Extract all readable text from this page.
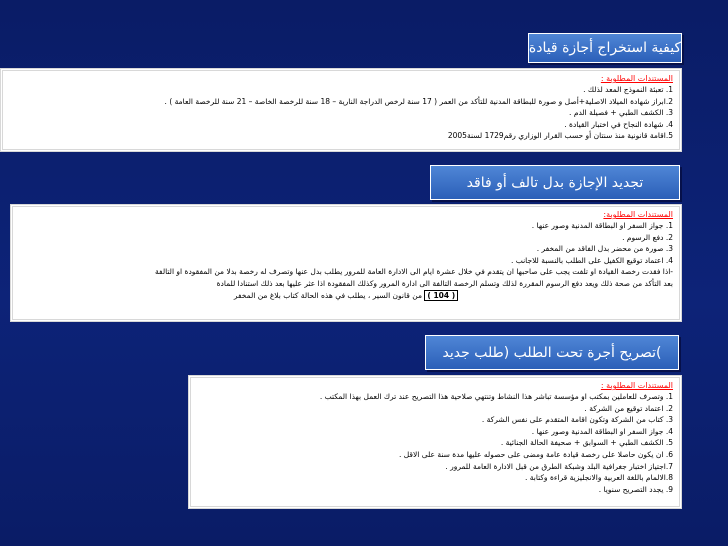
كيفية استخراج أجازة قيادة
المستندات المطلوبة :
1. تعبئة النموذج المعد لذلك .
2.ابراز شهادة الميلاد الاصلية+أصل و صورة للبطاقة المدنية للتأكد من العمر ( 17 سنة لرخص الدراجة النارية – 18 سنة للرخصة الخاصة – 21 سنة للرخصة العامة ) .
3. الكشف الطبي + فصيلة الدم .
4. شهادة النجاح في اختبار القيادة .
5.اقامة قانونية منذ سنتان أو حسب القرار الوزاري رقم1729 لسنة2005
تجديد الإجازة بدل تالف أو فاقد
المستندات المطلوبة:
1. جواز السفر او البطاقة المدنية وصور عنها .
2. دفع الرسوم .
3. صورة من محضر بدل الفاقد من المخفر .
4. اعتماد توقيع الكفيل على الطلب بالنسبة للاجانب .
-اذا فقدت رخصة القيادة او تلفت يجب على صاحبها ان يتقدم في خلال عشرة ايام الى الادارة العامة للمرور يطلب بدل عنها وتصرف له رخصة بدلا من المفقودة او التالفة
بعد التأكد من صحة ذلك ويعد دفع الرسوم المقررة لذلك وتسلم الرخصة التالفة الى ادارة المرور وكذلك المفقودة اذا عثر عليها بعد ذلك استنادا للمادة
( 104 ) من قانون السير ، يطلب في هذه الحالة كتاب بلاغ من المخفر
)تصريح أجرة تحت الطلب (طلب جديد
المستندات المطلوبة :
1. وتصرف للعاملين بمكتب او مؤسسة تباشر هذا النشاط وتنتهي صلاحية هذا التصريح عند ترك العمل بهذا المكتب .
2. اعتماد توقيع من الشركة .
3. كتاب من الشركة وتكون اقامة المتقدم على نفس الشركة .
4. جواز السفر او البطاقة المدنية وصور عنها .
5. الكشف الطبي + السوابق + صحيفة الحالة الجنائية .
6. ان يكون حاصلا على رخصة قيادة عامة ومضى على حصوله عليها مدة سنة على الاقل .
7.اجتياز اختبار جغرافية البلد وشبكة الطرق من قبل الادارة العامة للمرور .
8.الالمام باللغة العربية والانجليزية قراءة وكتابة .
9. يجدد التصريح سنويا .
